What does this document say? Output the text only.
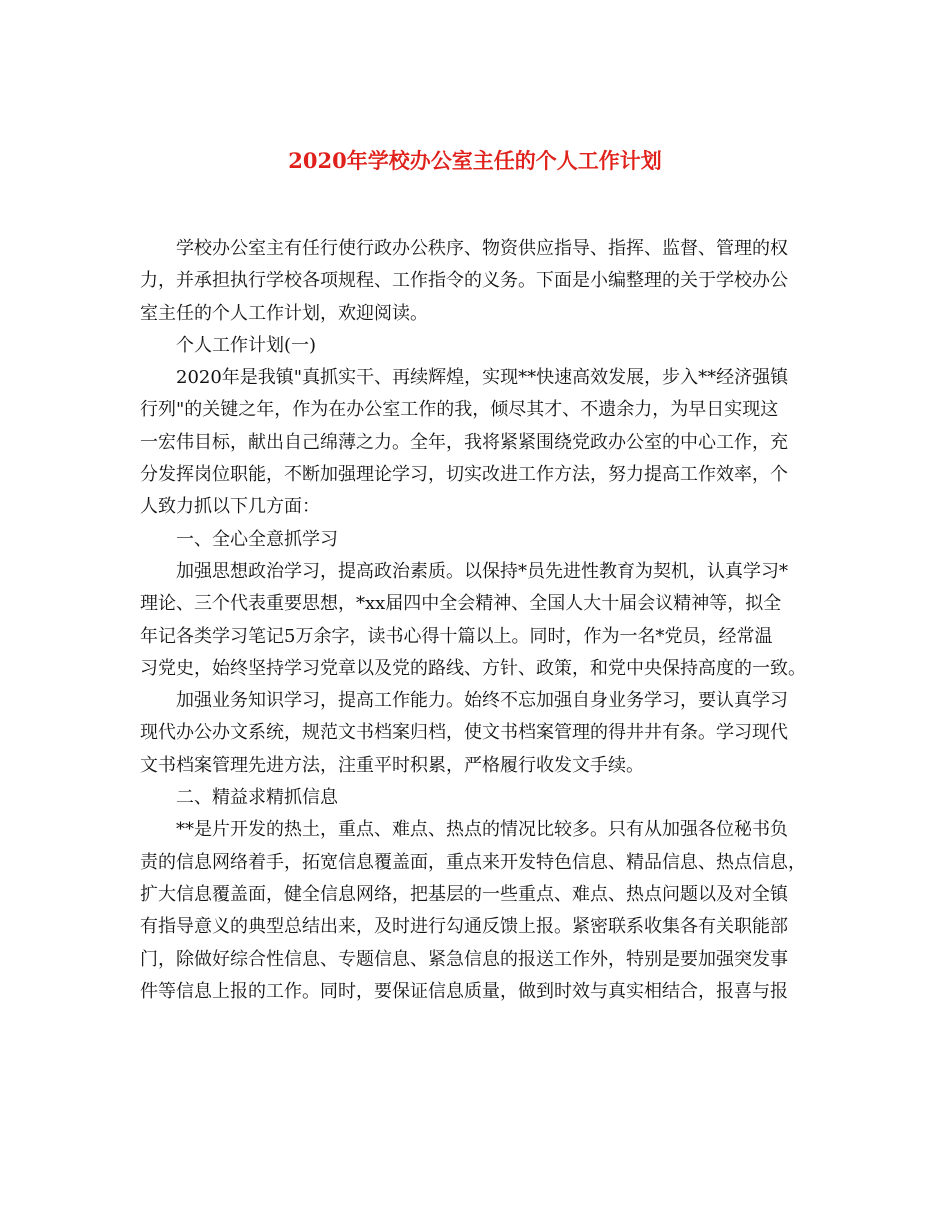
2020年学校办公室主任的个人工作计划
学校办公室主有任行使行政办公秩序、物资供应指导、指挥、监督、管理的权
力，并承担执行学校各项规程、工作指令的义务。下面是小编整理的关于学校办公
室主任的个人工作计划，欢迎阅读。
个人工作计划(一)
2020年是我镇"真抓实干、再续辉煌，实现**快速高效发展，步入**经济强镇
行列"的关键之年，作为在办公室工作的我，倾尽其才、不遗余力，为早日实现这
一宏伟目标，献出自己绵薄之力。全年，我将紧紧围绕党政办公室的中心工作，充
分发挥岗位职能，不断加强理论学习，切实改进工作方法，努力提高工作效率，个
人致力抓以下几方面：
一、全心全意抓学习
加强思想政治学习，提高政治素质。以保持*员先进性教育为契机，认真学习*
理论、三个代表重要思想，*xx届四中全会精神、全国人大十届会议精神等，拟全
年记各类学习笔记5万余字，读书心得十篇以上。同时，作为一名*党员，经常温
习党史，始终坚持学习党章以及党的路线、方针、政策，和党中央保持高度的一致。
加强业务知识学习，提高工作能力。始终不忘加强自身业务学习，要认真学习
现代办公办文系统，规范文书档案归档，使文书档案管理的得井井有条。学习现代
文书档案管理先进方法，注重平时积累，严格履行收发文手续。
二、精益求精抓信息
**是片开发的热土，重点、难点、热点的情况比较多。只有从加强各位秘书负
责的信息网络着手，拓宽信息覆盖面，重点来开发特色信息、精品信息、热点信息，
扩大信息覆盖面，健全信息网络，把基层的一些重点、难点、热点问题以及对全镇
有指导意义的典型总结出来，及时进行勾通反馈上报。紧密联系收集各有关职能部
门，除做好综合性信息、专题信息、紧急信息的报送工作外，特别是要加强突发事
件等信息上报的工作。同时，要保证信息质量，做到时效与真实相结合，报喜与报
